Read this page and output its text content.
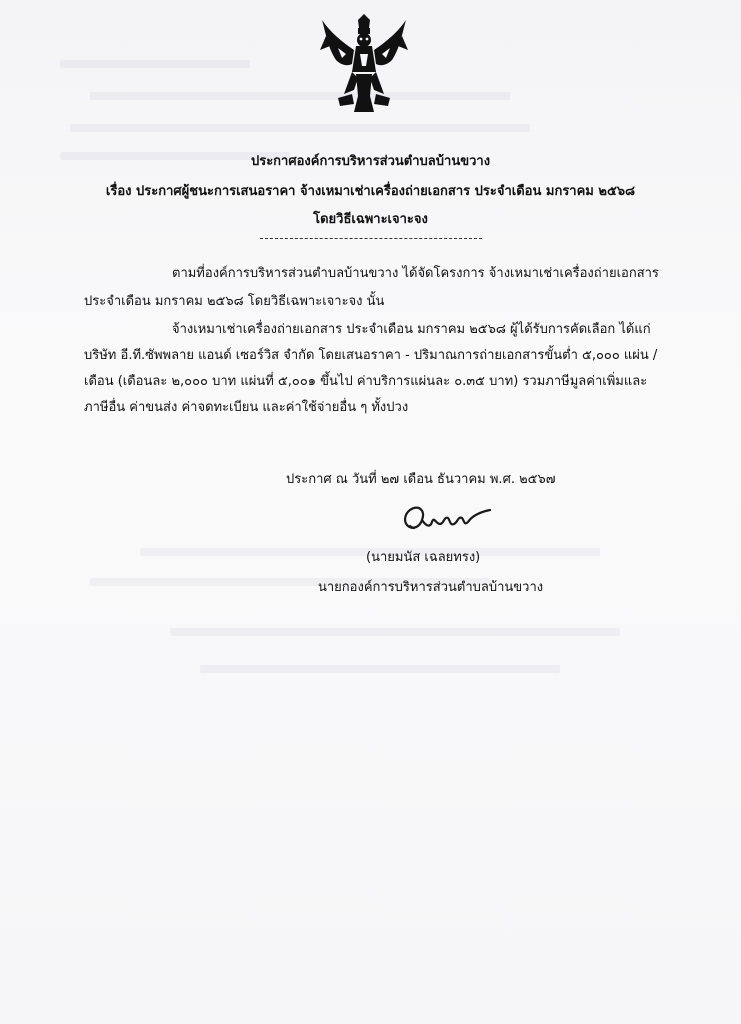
ประกาศองค์การบริหารส่วนตำบลบ้านขวาง
เรื่อง ประกาศผู้ชนะการเสนอราคา จ้างเหมาเช่าเครื่องถ่ายเอกสาร ประจำเดือน มกราคม ๒๕๖๘
โดยวิธีเฉพาะเจาะจง
ตามที่องค์การบริหารส่วนตำบลบ้านขวาง ได้จัดโครงการ จ้างเหมาเช่าเครื่องถ่ายเอกสาร
ประจำเดือน มกราคม ๒๕๖๘ โดยวิธีเฉพาะเจาะจง นั้น
จ้างเหมาเช่าเครื่องถ่ายเอกสาร ประจำเดือน มกราคม ๒๕๖๘ ผู้ได้รับการคัดเลือก ได้แก่
บริษัท อี.ที.ซัพพลาย แอนด์ เซอร์วิส จำกัด โดยเสนอราคา - ปริมาณการถ่ายเอกสารขั้นต่ำ ๕,๐๐๐ แผ่น /
เดือน (เดือนละ ๒,๐๐๐ บาท แผ่นที่ ๕,๐๐๑ ขึ้นไป ค่าบริการแผ่นละ ๐.๓๕ บาท) รวมภาษีมูลค่าเพิ่มและ
ภาษีอื่น ค่าขนส่ง ค่าจดทะเบียน และค่าใช้จ่ายอื่น ๆ ทั้งปวง
ประกาศ ณ วันที่ ๒๗ เดือน ธันวาคม พ.ศ. ๒๕๖๗
(นายมนัส เฉลยทรง)
นายกองค์การบริหารส่วนตำบลบ้านขวาง
